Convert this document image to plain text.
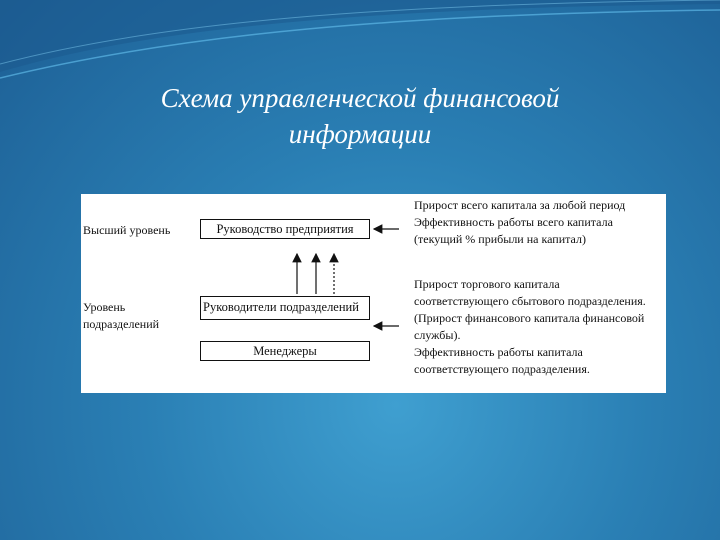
Схема управленческой финансовой
информации
Высший уровень
Уровень
подразделений
Руководство предприятия
Руководители подразделений
Менеджеры
Прирост всего капитала за любой период
Эффективность работы всего капитала
(текущий % прибыли на капитал)
Прирост торгового капитала
соответствующего сбытового подразделения.
(Прирост финансового капитала финансовой
службы).
Эффективность работы капитала
соответствующего подразделения.
